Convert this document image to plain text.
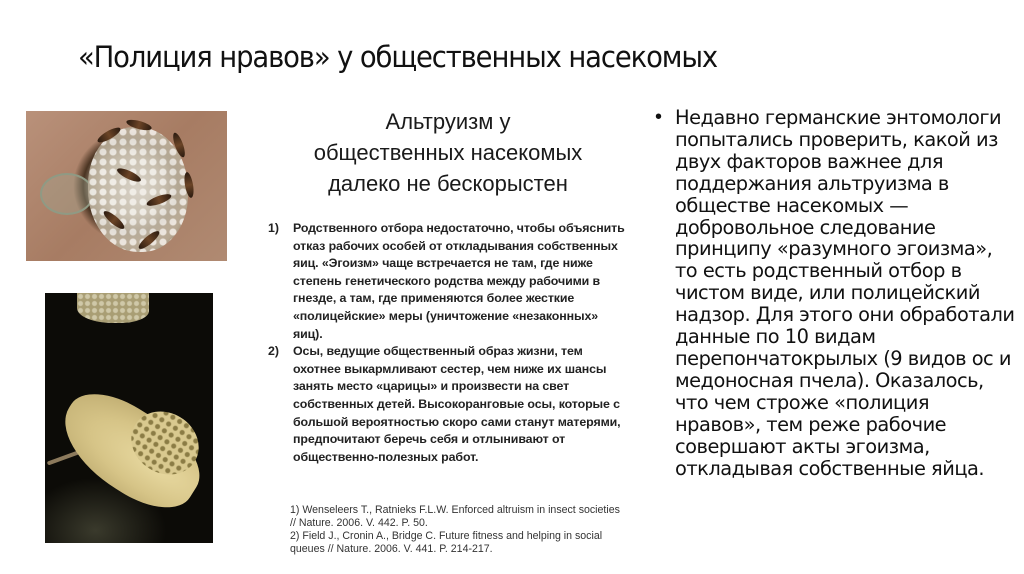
«Полиция нравов» у общественных насекомых
Альтруизм у
общественных насекомых
далеко не бескорыстен
1)	Родственного отбора недостаточно, чтобы объяснить отказ рабочих особей от откладывания собственных яиц. «Эгоизм» чаще встречается не там, где ниже степень генетического родства между рабочими в гнезде, а там, где применяются более жесткие «полицейские» меры (уничтожение «незаконных» яиц).
2)	Осы, ведущие общественный образ жизни, тем охотнее выкармливают сестер, чем ниже их шансы занять место «царицы» и произвести на свет собственных детей. Высокоранговые осы, которые с большой вероятностью скоро сами станут матерями, предпочитают беречь себя и отлынивают от общественно-полезных работ.
1) Wenseleers T., Ratnieks F.L.W. Enforced altruism in insect societies // Nature. 2006. V. 442. P. 50.
2) Field J., Cronin A., Bridge C. Future fitness and helping in social queues // Nature. 2006. V. 441. P. 214-217.
• Недавно германские энтомологи попытались проверить, какой из двух факторов важнее для поддержания альтруизма в обществе насекомых — добровольное следование принципу «разумного эгоизма», то есть родственный отбор в чистом виде, или полицейский надзор. Для этого они обработали данные по 10 видам перепончатокрылых (9 видов ос и медоносная пчела). Оказалось, что чем строже «полиция нравов», тем реже рабочие совершают акты эгоизма, откладывая собственные яйца.
